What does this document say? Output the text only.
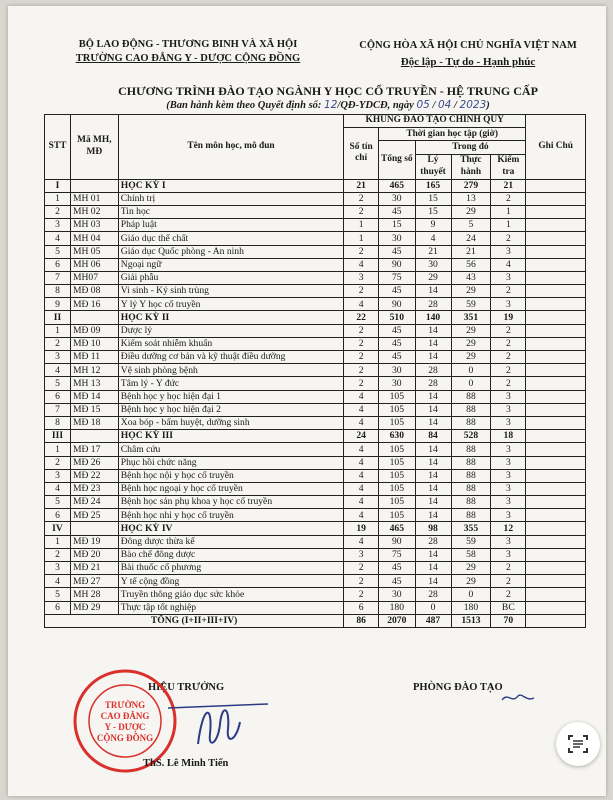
BỘ LAO ĐỘNG - THƯƠNG BINH VÀ XÃ HỘI
TRƯỜNG CAO ĐẲNG Y - DƯỢC CỘNG ĐỒNG
CỘNG HÒA XÃ HỘI CHỦ NGHĨA VIỆT NAM
Độc lập - Tự do - Hạnh phúc
CHƯƠNG TRÌNH ĐÀO TẠO NGÀNH Y HỌC CỔ TRUYỀN - HỆ TRUNG CẤP
(Ban hành kèm theo Quyết định số: 12/QĐ-YDCĐ, ngày 05 / 04 / 2023)
STT	Mã MH, MĐ	Tên môn học, mô đun	KHUNG ĐÀO TẠO CHÍNH QUY					Ghi Chú
			Số tín chỉ	Thời gian học tập (giờ)				
				Tổng số	Trong đó			
					Lý thuyết	Thực hành	Kiểm tra	
I		HỌC KỲ I	21	465	165	279	21	
1	MH 01	Chính trị	2	30	15	13	2	
2	MH 02	Tin học	2	45	15	29	1	
3	MH 03	Pháp luật	1	15	9	5	1	
4	MH 04	Giáo dục thể chất	1	30	4	24	2	
5	MH 05	Giáo dục Quốc phòng - An ninh	2	45	21	21	3	
6	MH 06	Ngoại ngữ	4	90	30	56	4	
7	MH07	Giải phẫu	3	75	29	43	3	
8	MĐ 08	Vi sinh - Ký sinh trùng	2	45	14	29	2	
9	MĐ 16	Y lý Y học cổ truyền	4	90	28	59	3	
II		HỌC KỲ II	22	510	140	351	19	
1	MĐ 09	Dược lý	2	45	14	29	2	
2	MĐ 10	Kiểm soát nhiễm khuẩn	2	45	14	29	2	
3	MĐ 11	Điều dưỡng cơ bản và kỹ thuật điều dưỡng	2	45	14	29	2	
4	MH 12	Vệ sinh phòng bệnh	2	30	28	0	2	
5	MH 13	Tâm lý - Y đức	2	30	28	0	2	
6	MĐ 14	Bệnh học y học hiện đại 1	4	105	14	88	3	
7	MĐ 15	Bệnh học y học hiện đại 2	4	105	14	88	3	
8	MĐ 18	Xoa bóp - bấm huyệt, dưỡng sinh	4	105	14	88	3	
III		HỌC KỲ III	24	630	84	528	18	
1	MĐ 17	Châm cứu	4	105	14	88	3	
2	MĐ 26	Phục hồi chức năng	4	105	14	88	3	
3	MĐ 22	Bệnh học nội y học cổ truyền	4	105	14	88	3	
4	MĐ 23	Bệnh học ngoại y học cổ truyền	4	105	14	88	3	
5	MĐ 24	Bệnh học sản phụ khoa y học cổ truyền	4	105	14	88	3	
6	MĐ 25	Bệnh học nhi y học cổ truyền	4	105	14	88	3	
IV		HỌC KỲ IV	19	465	98	355	12	
1	MĐ 19	Đông dược thừa kế	4	90	28	59	3	
2	MĐ 20	Bào chế đông dược	3	75	14	58	3	
3	MĐ 21	Bài thuốc cổ phương	2	45	14	29	2	
4	MĐ 27	Y tế cộng đồng	2	45	14	29	2	
5	MH 28	Truyền thông giáo dục sức khỏe	2	30	28	0	2	
6	MĐ 29	Thực tập tốt nghiệp	6	180	0	180	BC	
TỔNG (I+II+III+IV)			86	2070	487	1513	70	
HIỆU TRƯỞNG	PHÒNG ĐÀO TẠO
TRƯỜNG
CAO ĐẲNG
Y - DƯỢC
CỘNG ĐỒNG
ThS. Lê Minh Tiến
